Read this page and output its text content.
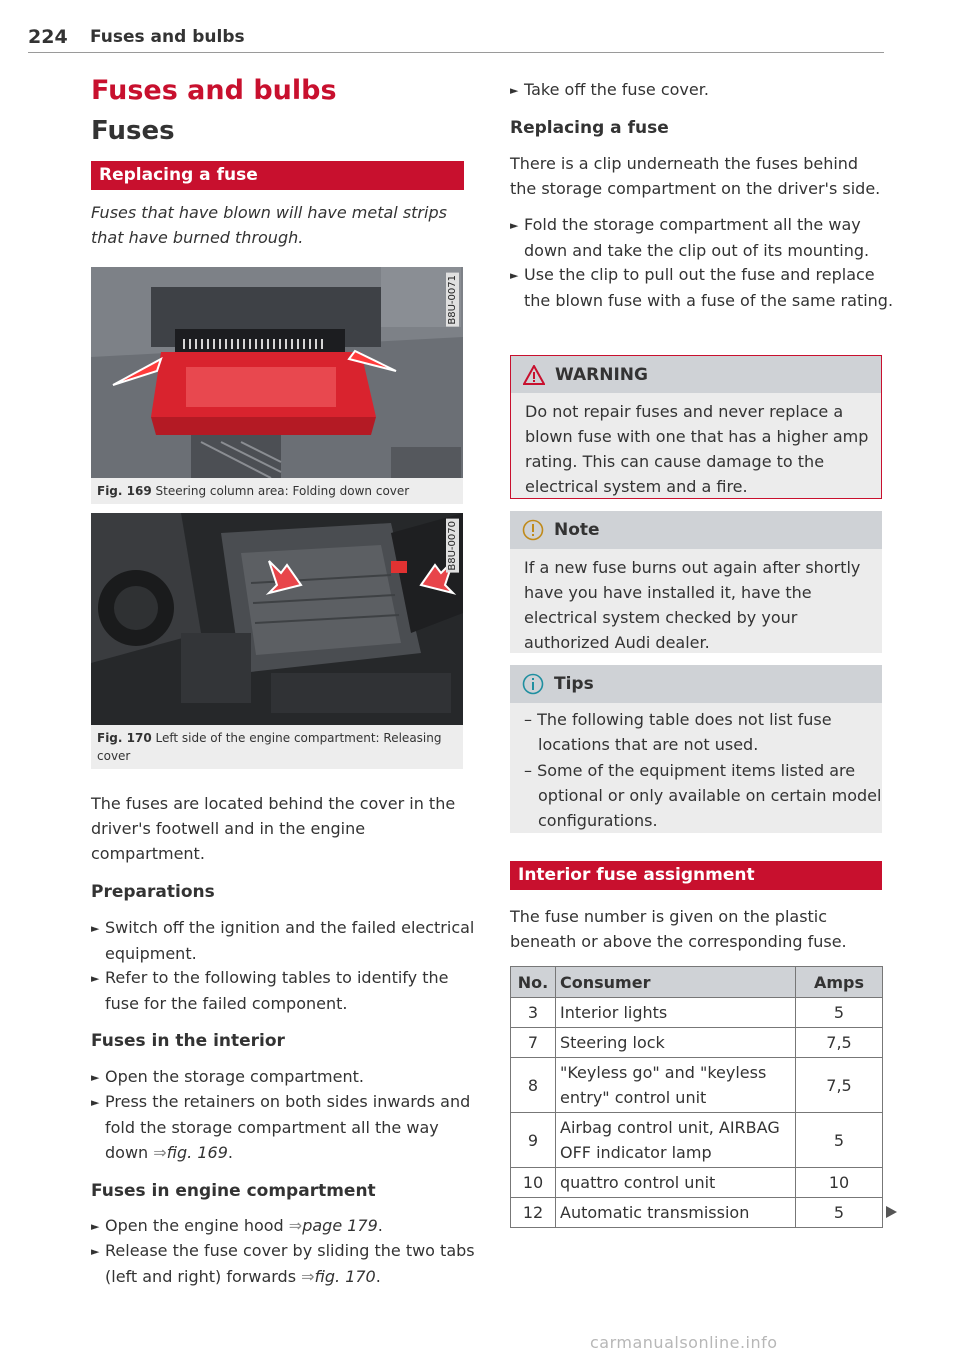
224 Fuses and bulbs
Fuses and bulbs
Fuses
Replacing a fuse
Fuses that have blown will have metal strips that have burned through.
B8U-0071
Fig. 169 Steering column area: Folding down cover
B8U-0070
Fig. 170 Left side of the engine compartment: Releasing cover
The fuses are located behind the cover in the driver's footwell and in the engine compartment.
Preparations
► Switch off the ignition and the failed electrical equipment.
► Refer to the following tables to identify the fuse for the failed component.
Fuses in the interior
► Open the storage compartment.
► Press the retainers on both sides inwards and fold the storage compartment all the way down ⇒fig. 169.
Fuses in engine compartment
► Open the engine hood ⇒page 179.
► Release the fuse cover by sliding the two tabs (left and right) forwards ⇒fig. 170.
► Take off the fuse cover.
Replacing a fuse
There is a clip underneath the fuses behind the storage compartment on the driver's side.
► Fold the storage compartment all the way down and take the clip out of its mounting.
► Use the clip to pull out the fuse and replace the blown fuse with a fuse of the same rating.
WARNING
Do not repair fuses and never replace a blown fuse with one that has a higher amp rating. This can cause damage to the electrical system and a fire.
Note
If a new fuse burns out again after shortly have you have installed it, have the electrical system checked by your authorized Audi dealer.
Tips
– The following table does not list fuse locations that are not used.
– Some of the equipment items listed are optional or only available on certain model configurations.
Interior fuse assignment
The fuse number is given on the plastic beneath or above the corresponding fuse.
No.	Consumer	Amps
3	Interior lights	5
7	Steering lock	7,5
8	"Keyless go" and "keyless entry" control unit	7,5
9	Airbag control unit, AIRBAG OFF indicator lamp	5
10	quattro control unit	10
12	Automatic transmission	5
carmanualsonline.info
